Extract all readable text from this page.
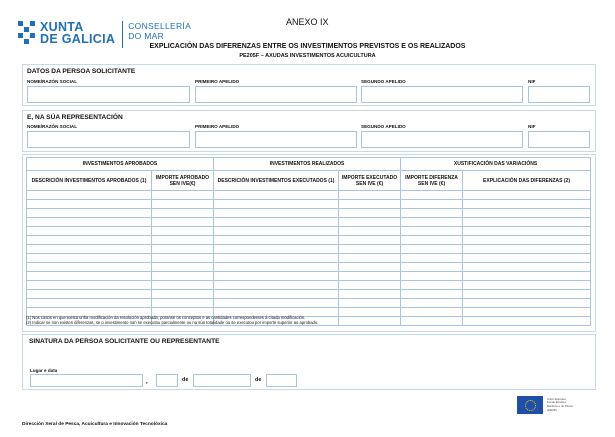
XUNTA
DE GALICIA
CONSELLERÍA
DO MAR
ANEXO IX
EXPLICACIÓN DAS DIFERENZAS ENTRE OS INVESTIMENTOS PREVISTOS E OS REALIZADOS
PE205F – AXUDAS INVESTIMENTOS ACUICULTURA
DATOS DA PERSOA SOLICITANTE
NOME/RAZÓN SOCIAL	PRIMEIRO APELIDO	SEGUNDO APELIDO	NIF
E, NA SÚA REPRESENTACIÓN
NOME/RAZÓN SOCIAL	PRIMEIRO APELIDO	SEGUNDO APELIDO	NIF
INVESTIMENTOS APROBADOS		INVESTIMENTOS REALIZADOS		XUSTIFICACIÓN DAS VARIACIÓNS	
DESCRICIÓN INVESTIMENTOS APROBADOS (1)	IMPORTE APROBADO SEN IVE(€)	DESCRICIÓN INVESTIMENTOS EXECUTADOS (1)	IMPORTE EXECUTADO SEN IVE (€)	IMPORTE DIFERENZA SEN IVE (€)	EXPLICACIÓN DAS DIFERENZAS (2)

(1) Nos casos en que exista unha modificación da resolución aprobada, poranse os conceptos e as cantidades correspondentes á citada modificación.
(2) Indicar se non existen diferenzas, se o investimento non se executou parcialmente ou na súa totalidade ou se executou por importe superior ao aprobado.
SINATURA DA PERSOA SOLICITANTE OU REPRESENTANTE
Lugar e data
,	de	de
Unión Europea
Fondo Europeo
Marítimo e de Pesca
(FEMP)
Dirección Xeral de Pesca, Acuicultura e Innovación Tecnolóxica
